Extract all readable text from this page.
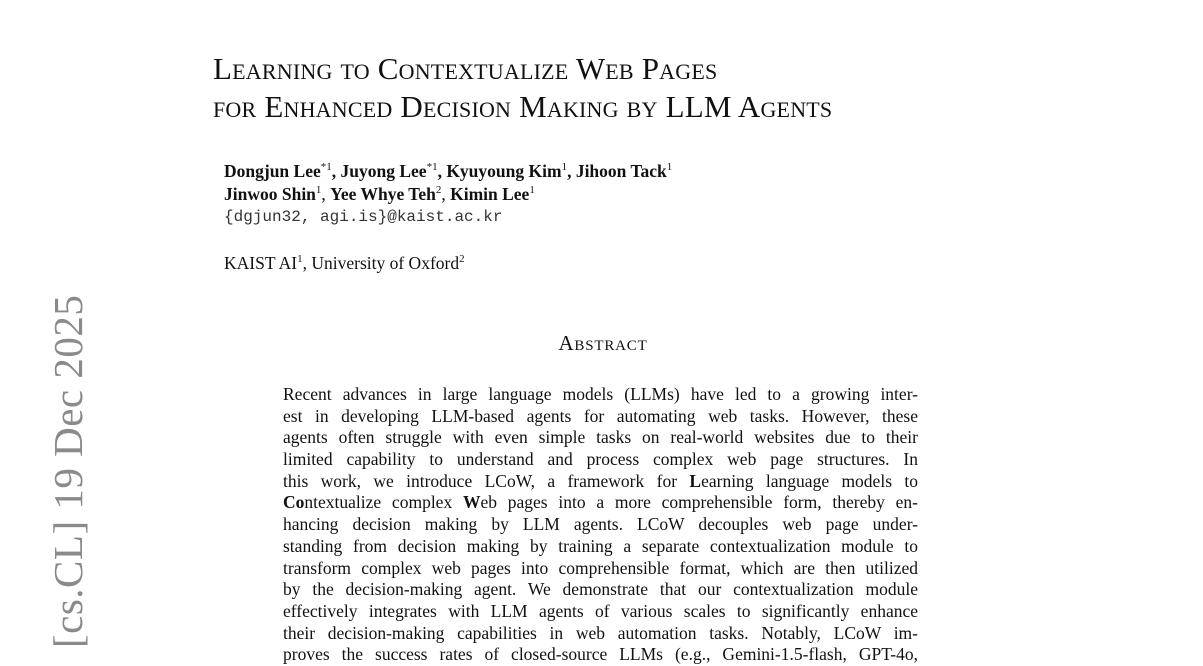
[cs.CL] 19 Dec 2025
Learning to Contextualize Web Pages
for Enhanced Decision Making by LLM Agents
Dongjun Lee$^{*1}$, Juyong Lee$^{*1}$, Kyuyoung Kim$^1$, Jihoon Tack$^1$
Jinwoo Shin$^1$, Yee Whye Teh$^2$, Kimin Lee$^1$
{dgjun32, agi.is}@kaist.ac.kr
KAIST $AI^1$, University of Oxford$^2$
Abstract
Recent advances in large language models (LLMs) have led to a growing inter-
est in developing LLM-based agents for automating web tasks. However, these
agents often struggle with even simple tasks on real-world websites due to their
limited capability to understand and process complex web page structures. In
this work, we introduce LCoW, a framework for Learning language models to
Contextualize complex Web pages into a more comprehensible form, thereby en-
hancing decision making by LLM agents. LCoW decouples web page under-
standing from decision making by training a separate contextualization module to
transform complex web pages into comprehensible format, which are then utilized
by the decision-making agent. We demonstrate that our contextualization module
effectively integrates with LLM agents of various scales to significantly enhance
their decision-making capabilities in web automation tasks. Notably, LCoW im-
proves the success rates of closed-source LLMs (e.g., Gemini-1.5-flash, GPT-4o,
